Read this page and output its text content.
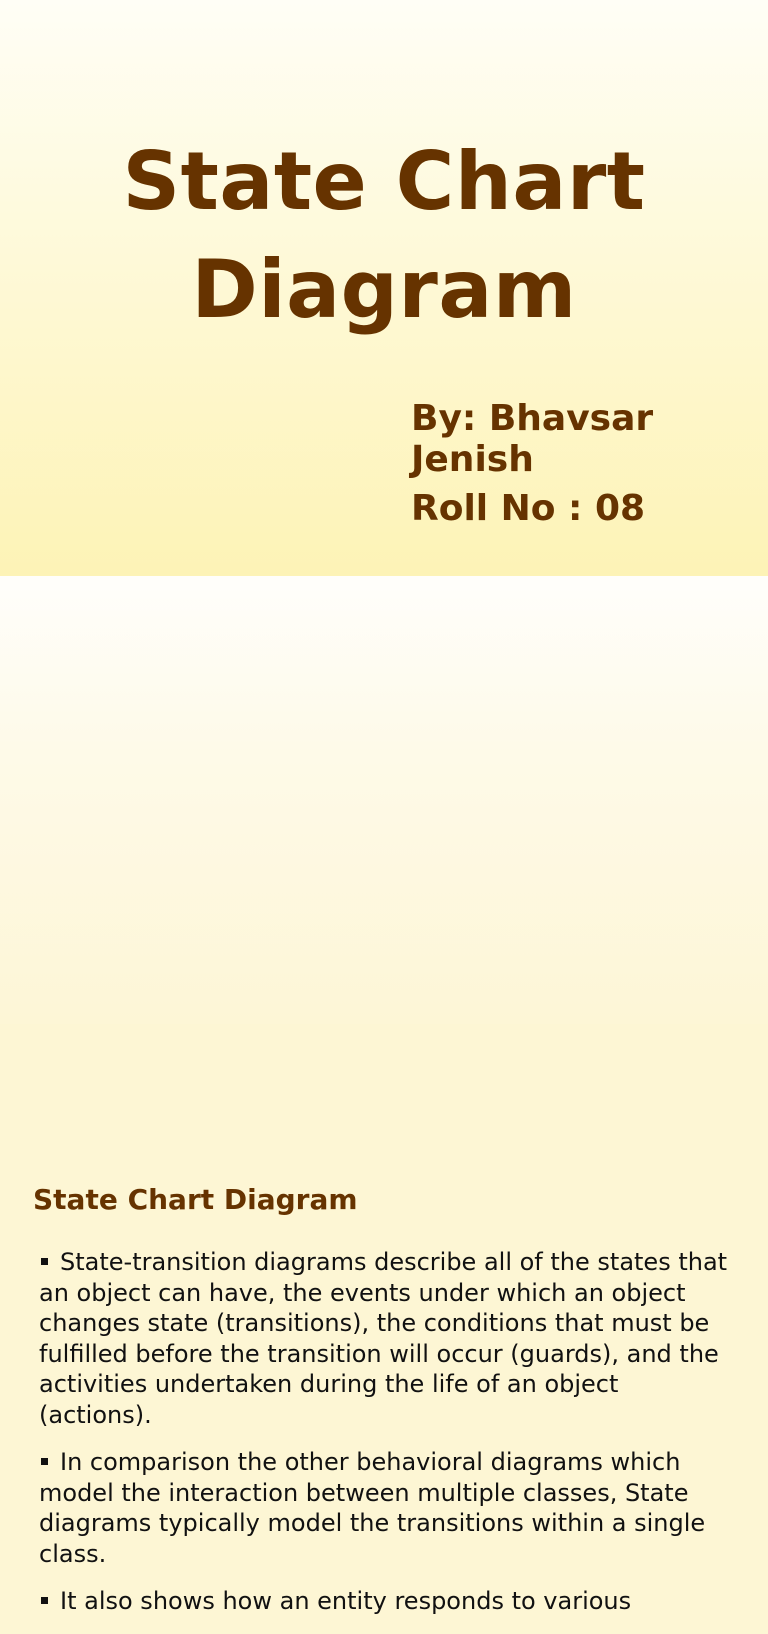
State Chart
Diagram

By: Bhavsar Jenish

Roll No : 08

State Chart Diagram
State-transition diagrams describe all of the states that an object can have, the events under which an object changes state (transitions), the conditions that must be fulfilled before the transition will occur (guards), and the activities undertaken during the life of an object (actions).
In comparison the other behavioral diagrams which model the interaction between multiple classes, State diagrams typically model the transitions within a single class.
It also shows how an entity responds to various
